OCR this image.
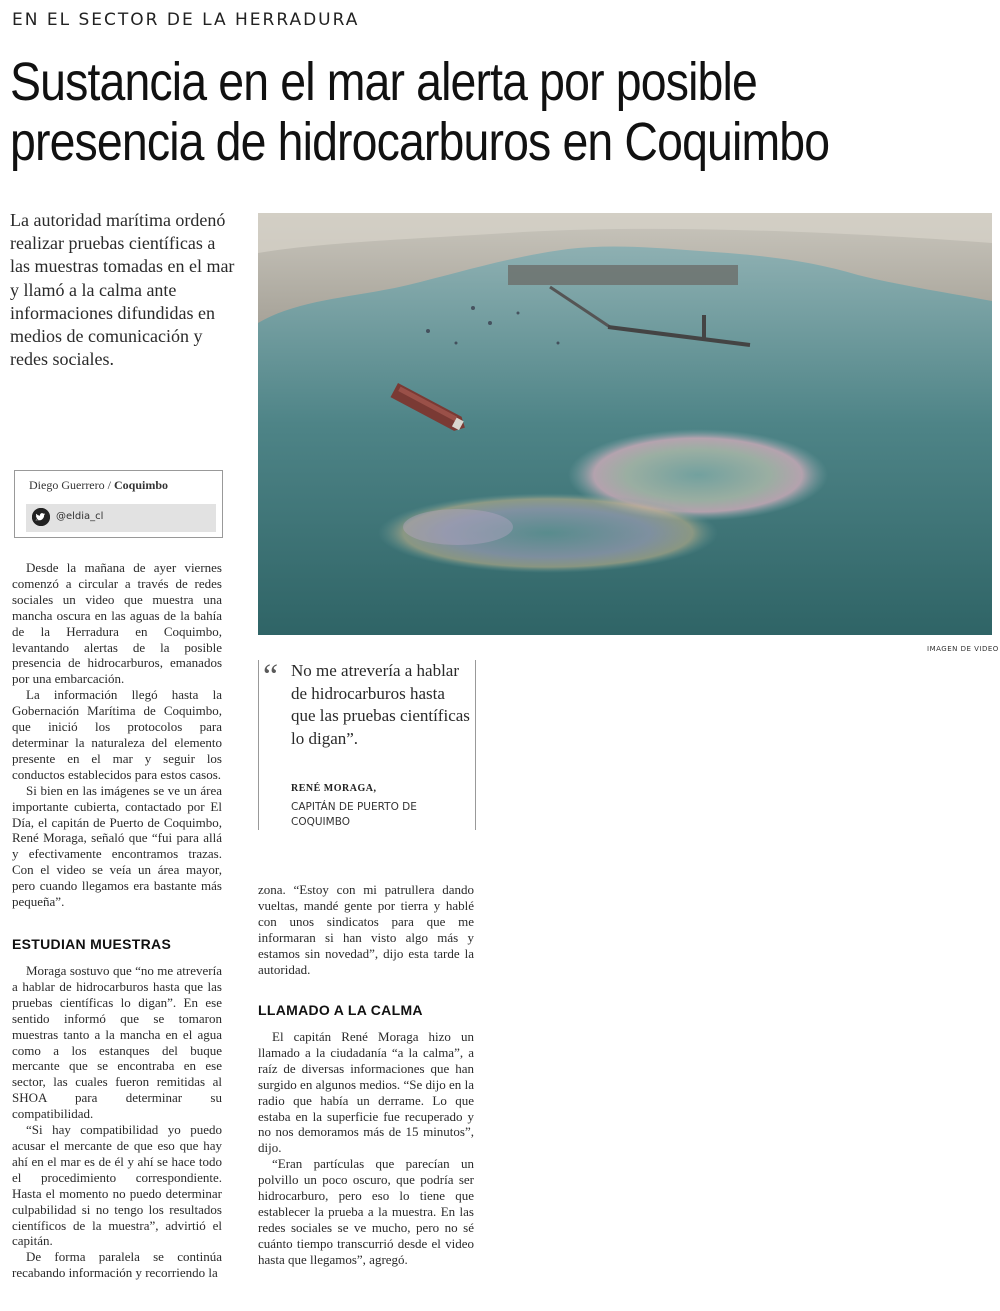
EN EL SECTOR DE LA HERRADURA
Sustancia en el mar alerta por posible
presencia de hidrocarburos en Coquimbo
La autoridad marítima ordenó realizar pruebas científicas a las muestras tomadas en el mar y llamó a la calma ante informaciones difundidas en medios de comunicación y redes sociales.
Diego Guerrero / Coquimbo
@eldia_cl
IMAGEN DE VIDEO

Desde la mañana de ayer viernes comenzó a circular a través de redes sociales un video que muestra una mancha oscura en las aguas de la bahía de la Herradura en Coquimbo, levantando alertas de la posible presencia de hidrocarburos, emanados por una embarcación.

La información llegó hasta la Gobernación Marítima de Coquimbo, que inició los protocolos para determinar la naturaleza del elemento presente en el mar y seguir los conductos establecidos para estos casos.

Si bien en las imágenes se ve un área importante cubierta, contactado por El Día, el capitán de Puerto de Coquimbo, René Moraga, señaló que “fui para allá y efectivamente encontramos trazas. Con el video se veía un área mayor, pero cuando llegamos era bastante más pequeña”.

ESTUDIAN MUESTRAS

Moraga sostuvo que “no me atrevería a hablar de hidrocarburos hasta que las pruebas científicas lo digan”. En ese sentido informó que se tomaron muestras tanto a la mancha en el agua como a los estanques del buque mercante que se encontraba en ese sector, las cuales fueron remitidas al SHOA para determinar su compatibilidad.

“Si hay compatibilidad yo puedo acusar el mercante de que eso que hay ahí en el mar es de él y ahí se hace todo el procedimiento correspondiente. Hasta el momento no puedo determinar culpabilidad si no tengo los resultados científicos de la muestra”, advirtió el capitán.

De forma paralela se continúa recabando información y recorriendo la

“ No me atrevería a hablar de hidrocarburos hasta que las pruebas científicas lo digan”.
RENÉ MORAGA,
CAPITÁN DE PUERTO DE COQUIMBO

zona. “Estoy con mi patrullera dando vueltas, mandé gente por tierra y hablé con unos sindicatos para que me informaran si han visto algo más y estamos sin novedad”, dijo esta tarde la autoridad.

LLAMADO A LA CALMA

El capitán René Moraga hizo un llamado a la ciudadanía “a la calma”, a raíz de diversas informaciones que han surgido en algunos medios. “Se dijo en la radio que había un derrame. Lo que estaba en la superficie fue recuperado y no nos demoramos más de 15 minutos”, dijo.

“Eran partículas que parecían un polvillo un poco oscuro, que podría ser hidrocarburo, pero eso lo tiene que establecer la prueba a la muestra. En las redes sociales se ve mucho, pero no sé cuánto tiempo transcurrió desde el video hasta que llegamos”, agregó.
